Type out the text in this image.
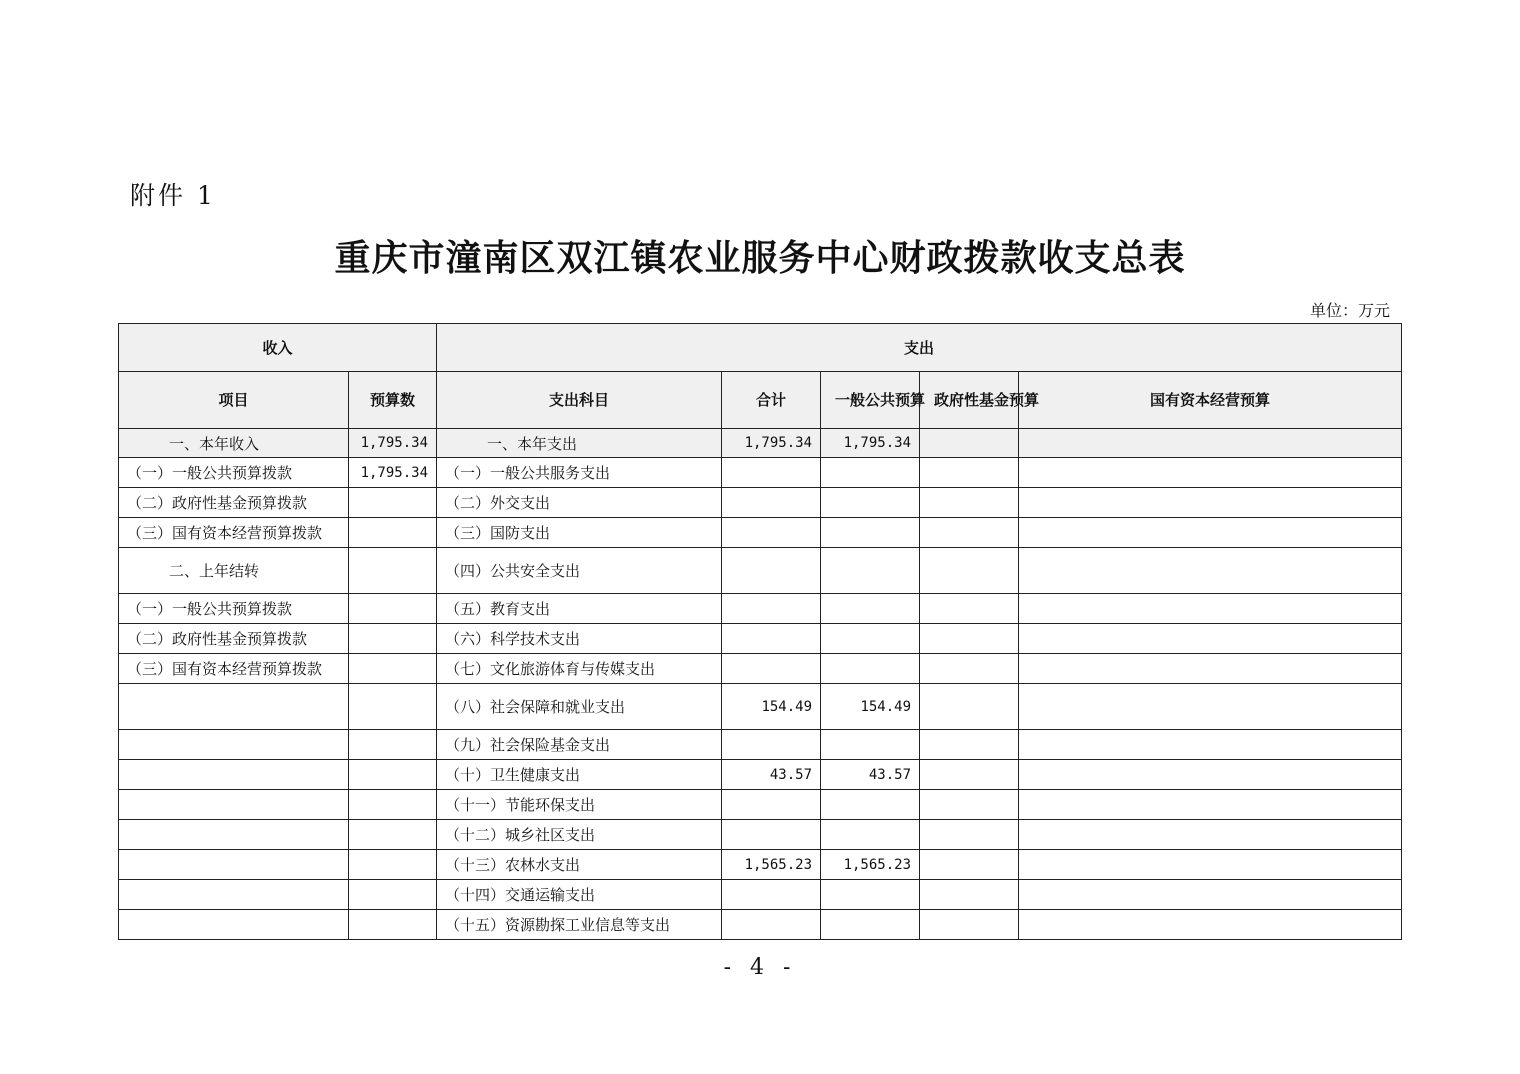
附件 1
重庆市潼南区双江镇农业服务中心财政拨款收支总表
单位：万元
收入		支出				
项目	预算数	支出科目	合计	一般公共预算	政府性基金预算	国有资本经营预算
一、本年收入	1,795.34	一、本年支出	1,795.34	1,795.34		
（一）一般公共预算拨款	1,795.34	（一）一般公共服务支出				
（二）政府性基金预算拨款		（二）外交支出				
（三）国有资本经营预算拨款		（三）国防支出				
二、上年结转		（四）公共安全支出				
（一）一般公共预算拨款		（五）教育支出				
（二）政府性基金预算拨款		（六）科学技术支出				
（三）国有资本经营预算拨款		（七）文化旅游体育与传媒支出				
		（八）社会保障和就业支出	154.49	154.49		
		（九）社会保险基金支出				
		（十）卫生健康支出	43.57	43.57		
		（十一）节能环保支出				
		（十二）城乡社区支出				
		（十三）农林水支出	1,565.23	1,565.23		
		（十四）交通运输支出				
		（十五）资源勘探工业信息等支出				
- 4 -
